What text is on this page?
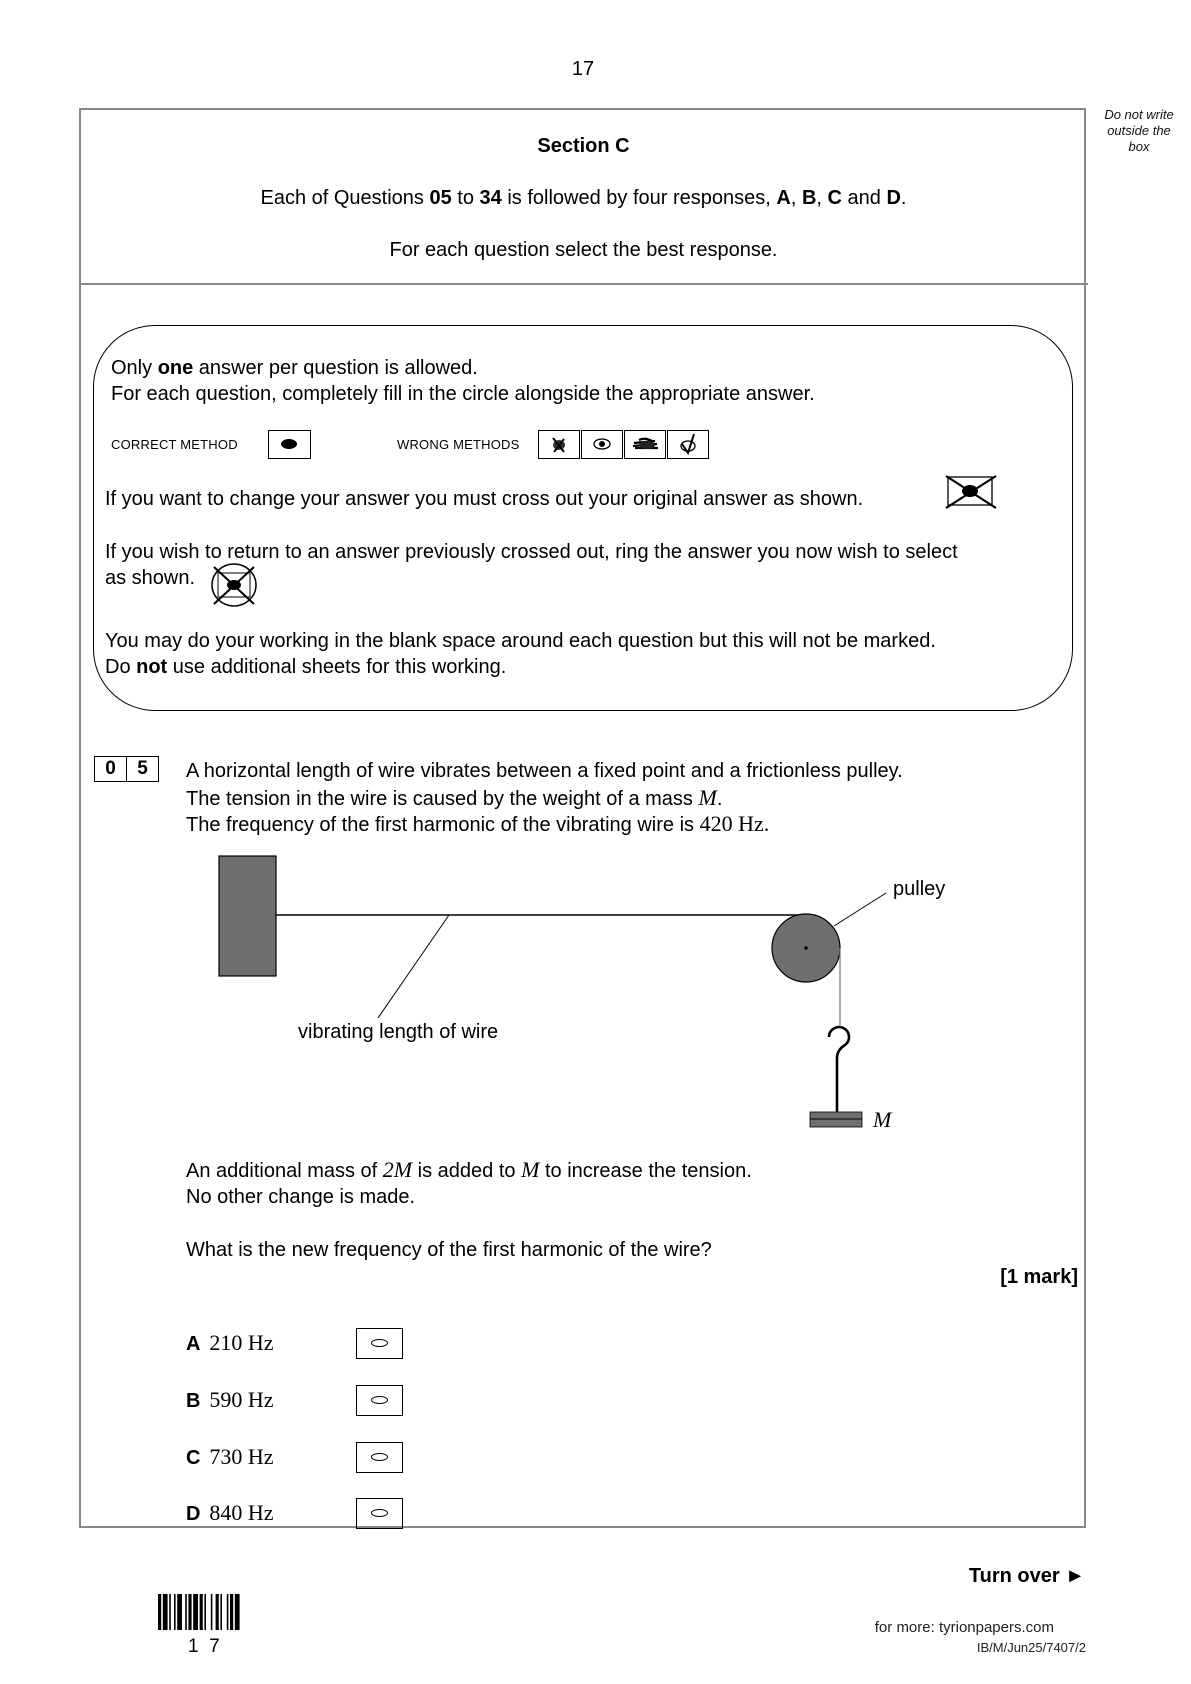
17
Do not write outside the box
Section C
Each of Questions 05 to 34 is followed by four responses, A, B, C and D.
For each question select the best response.
Only one answer per question is allowed.
For each question, completely fill in the circle alongside the appropriate answer.
CORRECT METHOD	WRONG METHODS
If you want to change your answer you must cross out your original answer as shown.
If you wish to return to an answer previously crossed out, ring the answer you now wish to select
as shown.
You may do your working in the blank space around each question but this will not be marked.
Do not use additional sheets for this working.
0	5	A horizontal length of wire vibrates between a fixed point and a frictionless pulley.
The tension in the wire is caused by the weight of a mass M.
The frequency of the first harmonic of the vibrating wire is 420 Hz.
pulley
vibrating length of wire
M
An additional mass of 2M is added to M to increase the tension.
No other change is made.
What is the new frequency of the first harmonic of the wire?
[1 mark]
A 210 Hz
B 590 Hz
C 730 Hz
D 840 Hz
Turn over ►
1  7
for more: tyrionpapers.com
IB/M/Jun25/7407/2
